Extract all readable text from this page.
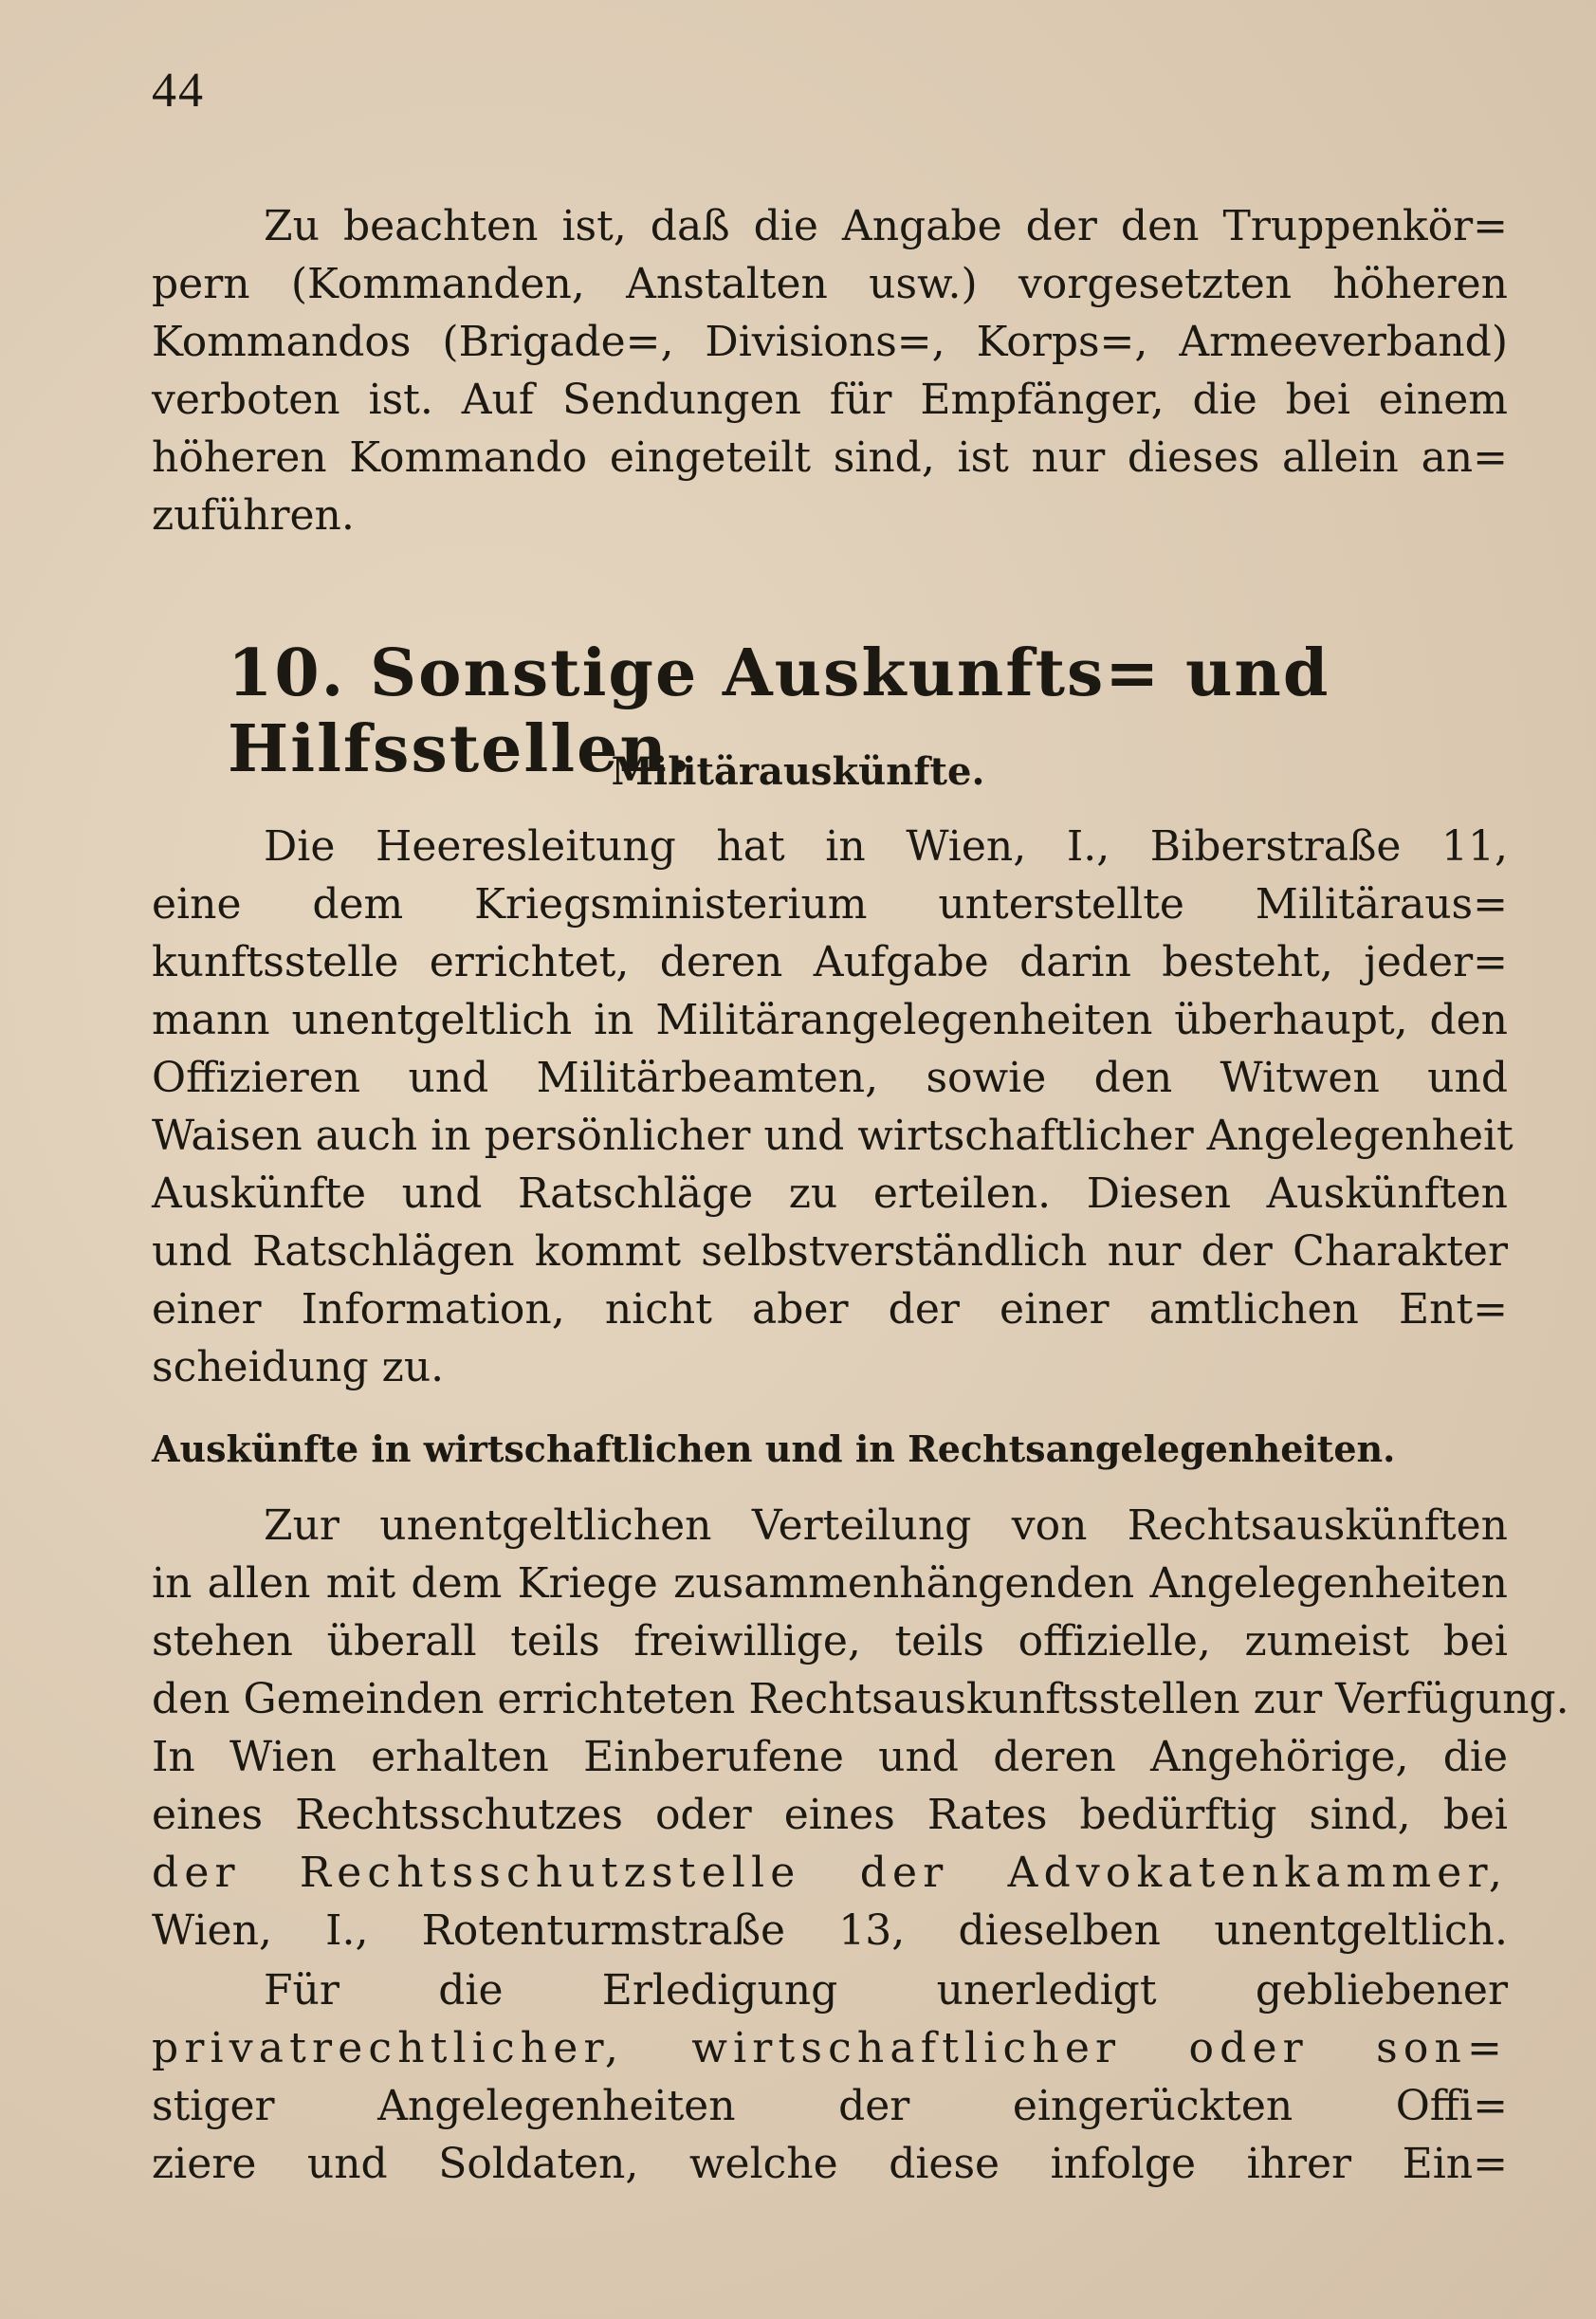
44
Zu beachten ist, daß die Angabe der den Truppenkör=
pern (Kommanden, Anstalten usw.) vorgesetzten höheren
Kommandos (Brigade=, Divisions=, Korps=, Armeeverband)
verboten ist. Auf Sendungen für Empfänger, die bei einem
höheren Kommando eingeteilt sind, ist nur dieses allein an=
zuführen.
10. Sonstige Auskunfts= und Hilfsstellen.
Militärauskünfte.
Die Heeresleitung hat in Wien, I., Biberstraße 11,
eine dem Kriegsministerium unterstellte Militäraus=
kunftsstelle errichtet, deren Aufgabe darin besteht, jeder=
mann unentgeltlich in Militärangelegenheiten überhaupt, den
Offizieren und Militärbeamten, sowie den Witwen und
Waisen auch in persönlicher und wirtschaftlicher Angelegenheit
Auskünfte und Ratschläge zu erteilen. Diesen Auskünften
und Ratschlägen kommt selbstverständlich nur der Charakter
einer Information, nicht aber der einer amtlichen Ent=
scheidung zu.
Auskünfte in wirtschaftlichen und in Rechtsangelegenheiten.
Zur unentgeltlichen Verteilung von Rechtsauskünften
in allen mit dem Kriege zusammenhängenden Angelegenheiten
stehen überall teils freiwillige, teils offizielle, zumeist bei
den Gemeinden errichteten Rechtsauskunftsstellen zur Verfügung.
In Wien erhalten Einberufene und deren Angehörige, die
eines Rechtsschutzes oder eines Rates bedürftig sind, bei
der Rechtsschutzstelle der Advokatenkammer,
Wien, I., Rotenturmstraße 13, dieselben unentgeltlich.
Für die Erledigung unerledigt gebliebener
privatrechtlicher, wirtschaftlicher oder son=
stiger Angelegenheiten der eingerückten Offi=
ziere und Soldaten, welche diese infolge ihrer Ein=
